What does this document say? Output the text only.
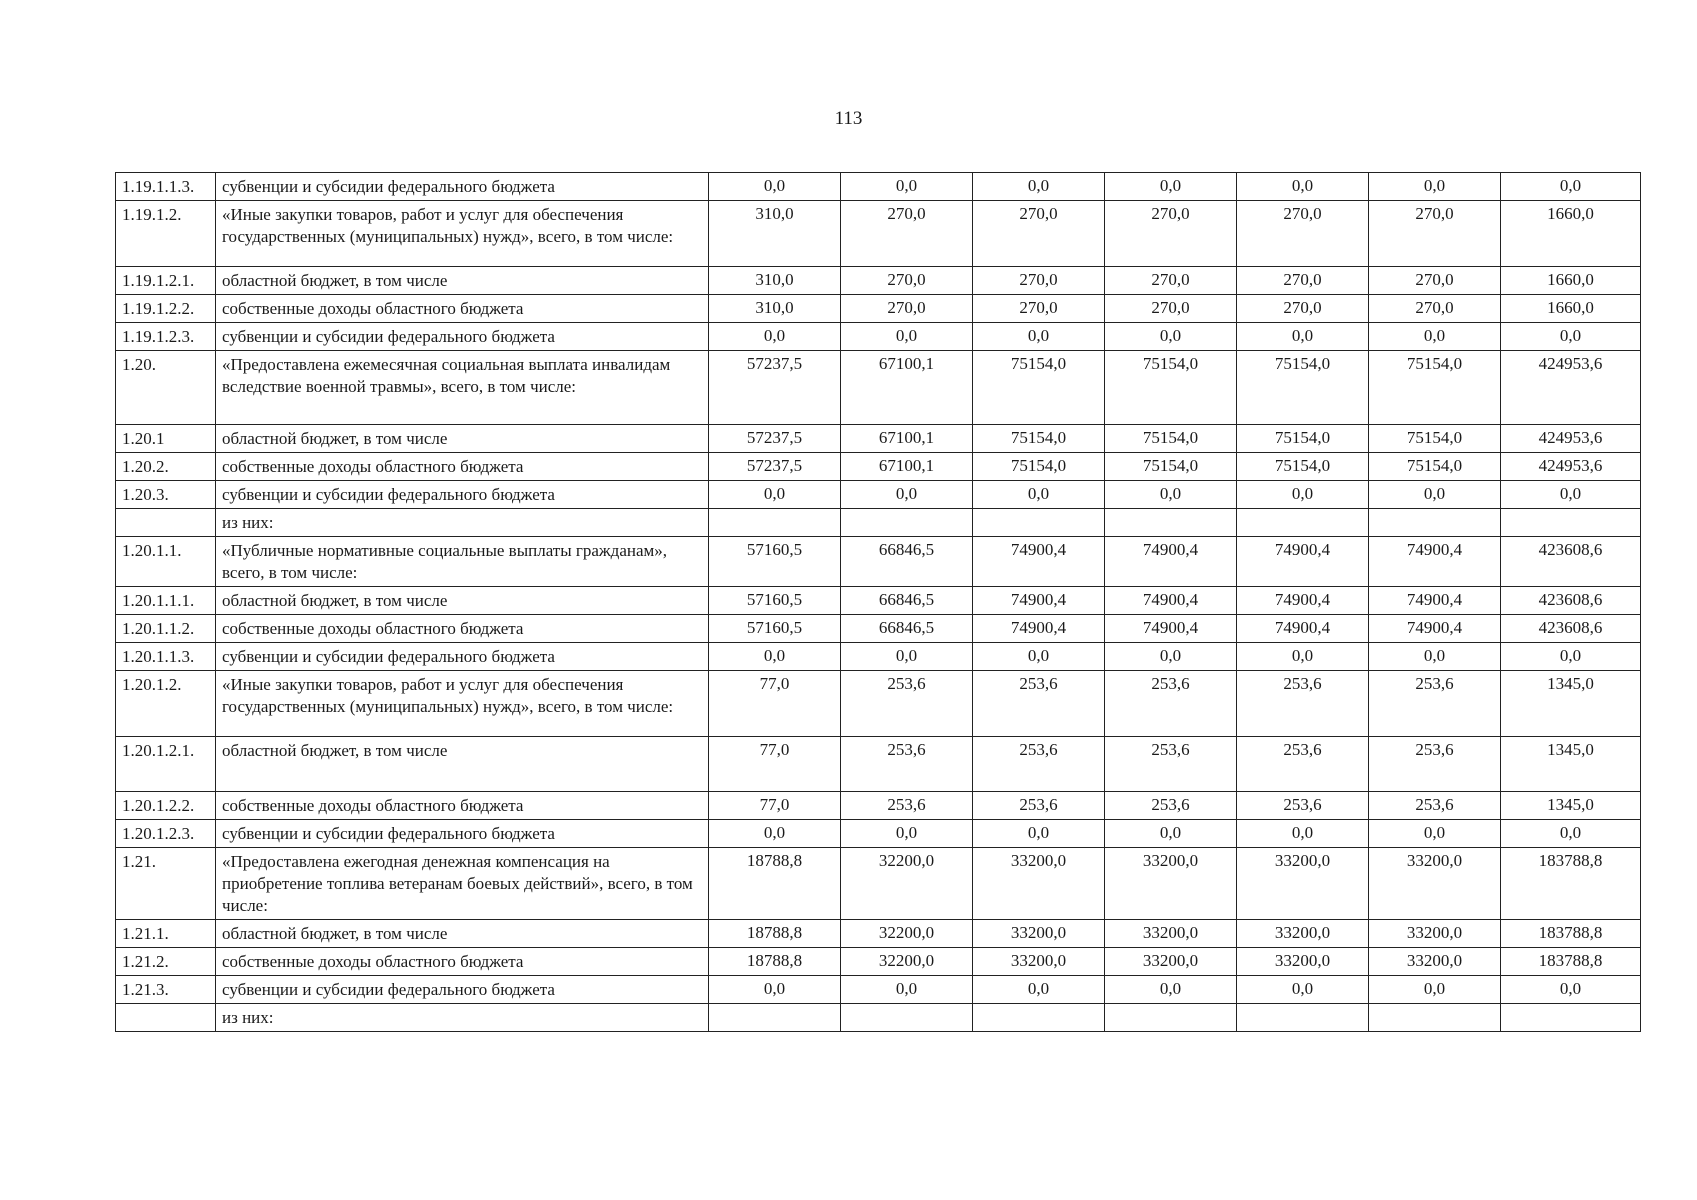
113
1.19.1.1.3.	субвенции и субсидии федерального бюджета	0,0	0,0	0,0	0,0	0,0	0,0	0,0
1.19.1.2.	«Иные закупки товаров, работ и услуг для обеспечения государственных (муниципальных) нужд», всего, в том числе:	310,0	270,0	270,0	270,0	270,0	270,0	1660,0
1.19.1.2.1.	областной бюджет, в том числе	310,0	270,0	270,0	270,0	270,0	270,0	1660,0
1.19.1.2.2.	собственные доходы областного бюджета	310,0	270,0	270,0	270,0	270,0	270,0	1660,0
1.19.1.2.3.	субвенции и субсидии федерального бюджета	0,0	0,0	0,0	0,0	0,0	0,0	0,0
1.20.	«Предоставлена ежемесячная социальная выплата инвалидам вследствие военной травмы», всего, в том числе:	57237,5	67100,1	75154,0	75154,0	75154,0	75154,0	424953,6
1.20.1	областной бюджет, в том числе	57237,5	67100,1	75154,0	75154,0	75154,0	75154,0	424953,6
1.20.2.	собственные доходы областного бюджета	57237,5	67100,1	75154,0	75154,0	75154,0	75154,0	424953,6
1.20.3.	субвенции и субсидии федерального бюджета	0,0	0,0	0,0	0,0	0,0	0,0	0,0
	из них:							
1.20.1.1.	«Публичные нормативные социальные выплаты гражданам», всего, в том числе:	57160,5	66846,5	74900,4	74900,4	74900,4	74900,4	423608,6
1.20.1.1.1.	областной бюджет, в том числе	57160,5	66846,5	74900,4	74900,4	74900,4	74900,4	423608,6
1.20.1.1.2.	собственные доходы областного бюджета	57160,5	66846,5	74900,4	74900,4	74900,4	74900,4	423608,6
1.20.1.1.3.	субвенции и субсидии федерального бюджета	0,0	0,0	0,0	0,0	0,0	0,0	0,0
1.20.1.2.	«Иные закупки товаров, работ и услуг для обеспечения государственных (муниципальных) нужд», всего, в том числе:	77,0	253,6	253,6	253,6	253,6	253,6	1345,0
1.20.1.2.1.	областной бюджет, в том числе	77,0	253,6	253,6	253,6	253,6	253,6	1345,0
1.20.1.2.2.	собственные доходы областного бюджета	77,0	253,6	253,6	253,6	253,6	253,6	1345,0
1.20.1.2.3.	субвенции и субсидии федерального бюджета	0,0	0,0	0,0	0,0	0,0	0,0	0,0
1.21.	«Предоставлена ежегодная денежная компенсация на приобретение топлива ветеранам боевых действий», всего, в том числе:	18788,8	32200,0	33200,0	33200,0	33200,0	33200,0	183788,8
1.21.1.	областной бюджет, в том числе	18788,8	32200,0	33200,0	33200,0	33200,0	33200,0	183788,8
1.21.2.	собственные доходы областного бюджета	18788,8	32200,0	33200,0	33200,0	33200,0	33200,0	183788,8
1.21.3.	субвенции и субсидии федерального бюджета	0,0	0,0	0,0	0,0	0,0	0,0	0,0
	из них:							
